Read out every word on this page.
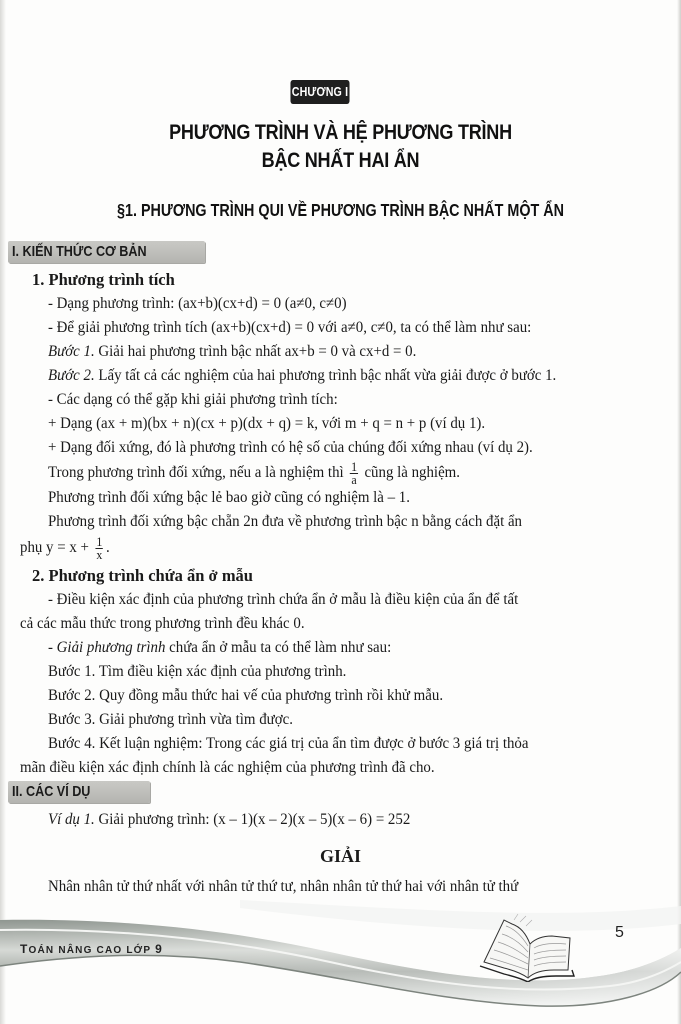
CHƯƠNG I
PHƯƠNG TRÌNH VÀ HỆ PHƯƠNG TRÌNH
BẬC NHẤT HAI ẨN
§1. PHƯƠNG TRÌNH QUI VỀ PHƯƠNG TRÌNH BẬC NHẤT MỘT ẨN
I. KIẾN THỨC CƠ BẢN
1. Phương trình tích
- Dạng phương trình: (ax+b)(cx+d) = 0 (a≠0, c≠0)
- Để giải phương trình tích (ax+b)(cx+d) = 0 với a≠0, c≠0, ta có thể làm như sau:
Bước 1. Giải hai phương trình bậc nhất ax+b = 0 và cx+d = 0.
Bước 2. Lấy tất cả các nghiệm của hai phương trình bậc nhất vừa giải được ở bước 1.
- Các dạng có thể gặp khi giải phương trình tích:
+ Dạng (ax + m)(bx + n)(cx + p)(dx + q) = k, với m + q = n + p (ví dụ 1).
+ Dạng đối xứng, đó là phương trình có hệ số của chúng đối xứng nhau (ví dụ 2).
Trong phương trình đối xứng, nếu a là nghiệm thì $\frac{1}{a}$ cũng là nghiệm.
Phương trình đối xứng bậc lẻ bao giờ cũng có nghiệm là – 1.
Phương trình đối xứng bậc chẵn 2n đưa về phương trình bậc n bằng cách đặt ẩn
phụ $y = x + \frac{1}{x}$ .
2. Phương trình chứa ẩn ở mẫu
- Điều kiện xác định của phương trình chứa ẩn ở mẫu là điều kiện của ẩn để tất
cả các mẫu thức trong phương trình đều khác 0.
- Giải phương trình chứa ẩn ở mẫu ta có thể làm như sau:
Bước 1. Tìm điều kiện xác định của phương trình.
Bước 2. Quy đồng mẫu thức hai vế của phương trình rồi khử mẫu.
Bước 3. Giải phương trình vừa tìm được.
Bước 4. Kết luận nghiệm: Trong các giá trị của ẩn tìm được ở bước 3 giá trị thỏa
mãn điều kiện xác định chính là các nghiệm của phương trình đã cho.
II. CÁC VÍ DỤ
Ví dụ 1. Giải phương trình: (x – 1)(x – 2)(x – 5)(x – 6) = 252
GIẢI
Nhân nhân tử thứ nhất với nhân tử thứ tư, nhân nhân tử thứ hai với nhân tử thứ
TOÁN NÂNG CAO LỚP 9
5
